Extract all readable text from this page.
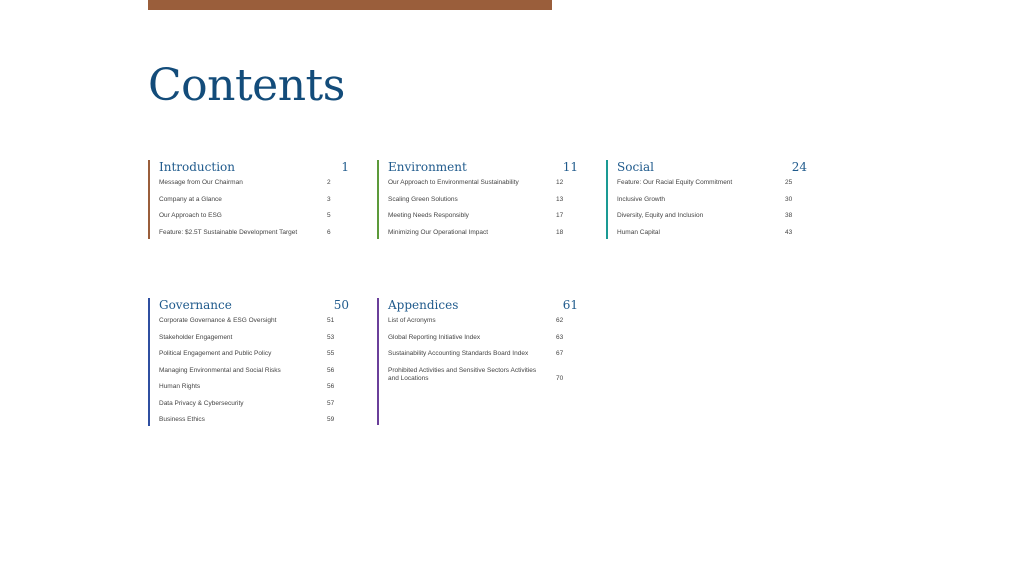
Contents
Introduction	1
Message from Our Chairman	2
Company at a Glance	3
Our Approach to ESG	5
Feature: $2.5T Sustainable Development Target	6
Environment	11
Our Approach to Environmental Sustainability	12
Scaling Green Solutions	13
Meeting Needs Responsibly	17
Minimizing Our Operational Impact	18
Social	24
Feature: Our Racial Equity Commitment	25
Inclusive Growth	30
Diversity, Equity and Inclusion	38
Human Capital	43
Governance	50
Corporate Governance & ESG Oversight	51
Stakeholder Engagement	53
Political Engagement and Public Policy	55
Managing Environmental and Social Risks	56
Human Rights	56
Data Privacy & Cybersecurity	57
Business Ethics	59
Appendices	61
List of Acronyms	62
Global Reporting Initiative Index	63
Sustainability Accounting Standards Board Index	67
Prohibited Activities and Sensitive Sectors Activities and Locations	70
